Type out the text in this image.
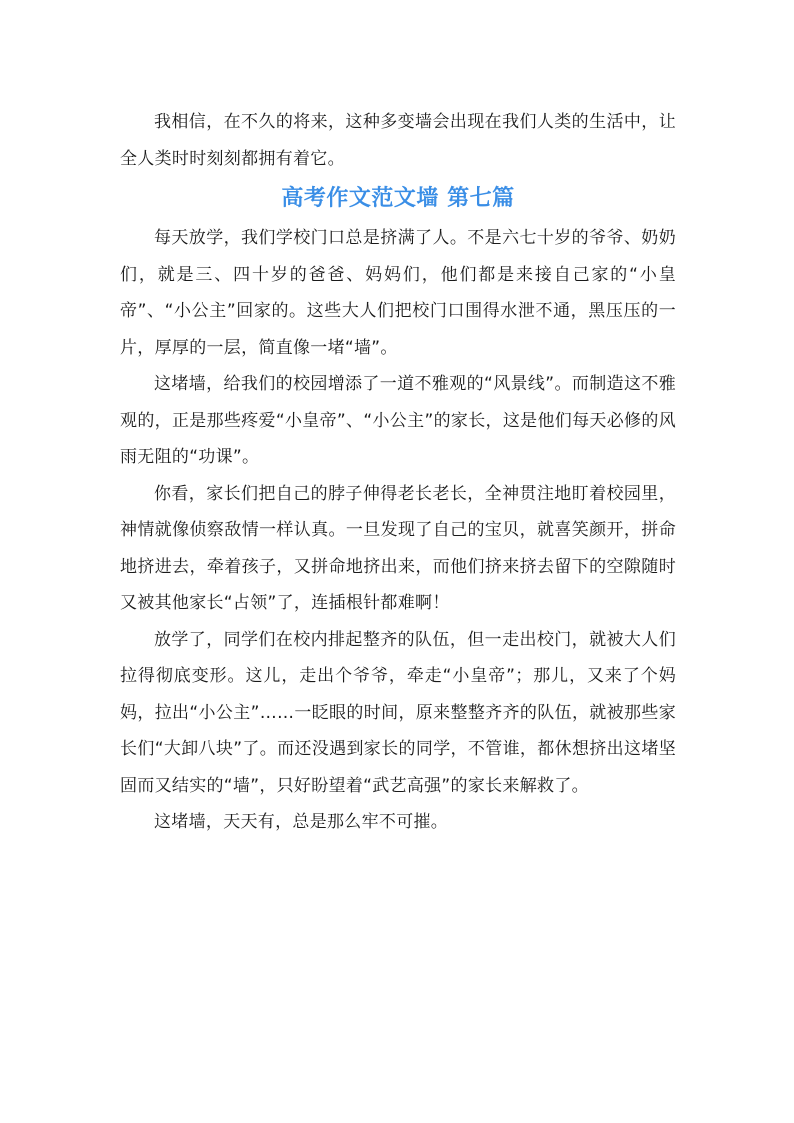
我相信，在不久的将来，这种多变墙会出现在我们人类的生活中，让全人类时时刻刻都拥有着它。

高考作文范文墙 第七篇

每天放学，我们学校门口总是挤满了人。不是六七十岁的爷爷、奶奶们，就是三、四十岁的爸爸、妈妈们，他们都是来接自己家的“小皇帝”、“小公主”回家的。这些大人们把校门口围得水泄不通，黑压压的一片，厚厚的一层，简直像一堵“墙”。

这堵墙，给我们的校园增添了一道不雅观的“风景线”。而制造这不雅观的，正是那些疼爱“小皇帝”、“小公主”的家长，这是他们每天必修的风雨无阻的“功课”。

你看，家长们把自己的脖子伸得老长老长，全神贯注地盯着校园里，神情就像侦察敌情一样认真。一旦发现了自己的宝贝，就喜笑颜开，拼命地挤进去，牵着孩子，又拼命地挤出来，而他们挤来挤去留下的空隙随时又被其他家长“占领”了，连插根针都难啊！

放学了，同学们在校内排起整齐的队伍，但一走出校门，就被大人们拉得彻底变形。这儿，走出个爷爷，牵走“小皇帝”；那儿，又来了个妈妈，拉出“小公主”……一眨眼的时间，原来整整齐齐的队伍，就被那些家长们“大卸八块”了。而还没遇到家长的同学，不管谁，都休想挤出这堵坚固而又结实的“墙”，只好盼望着“武艺高强”的家长来解救了。

这堵墙，天天有，总是那么牢不可摧。
